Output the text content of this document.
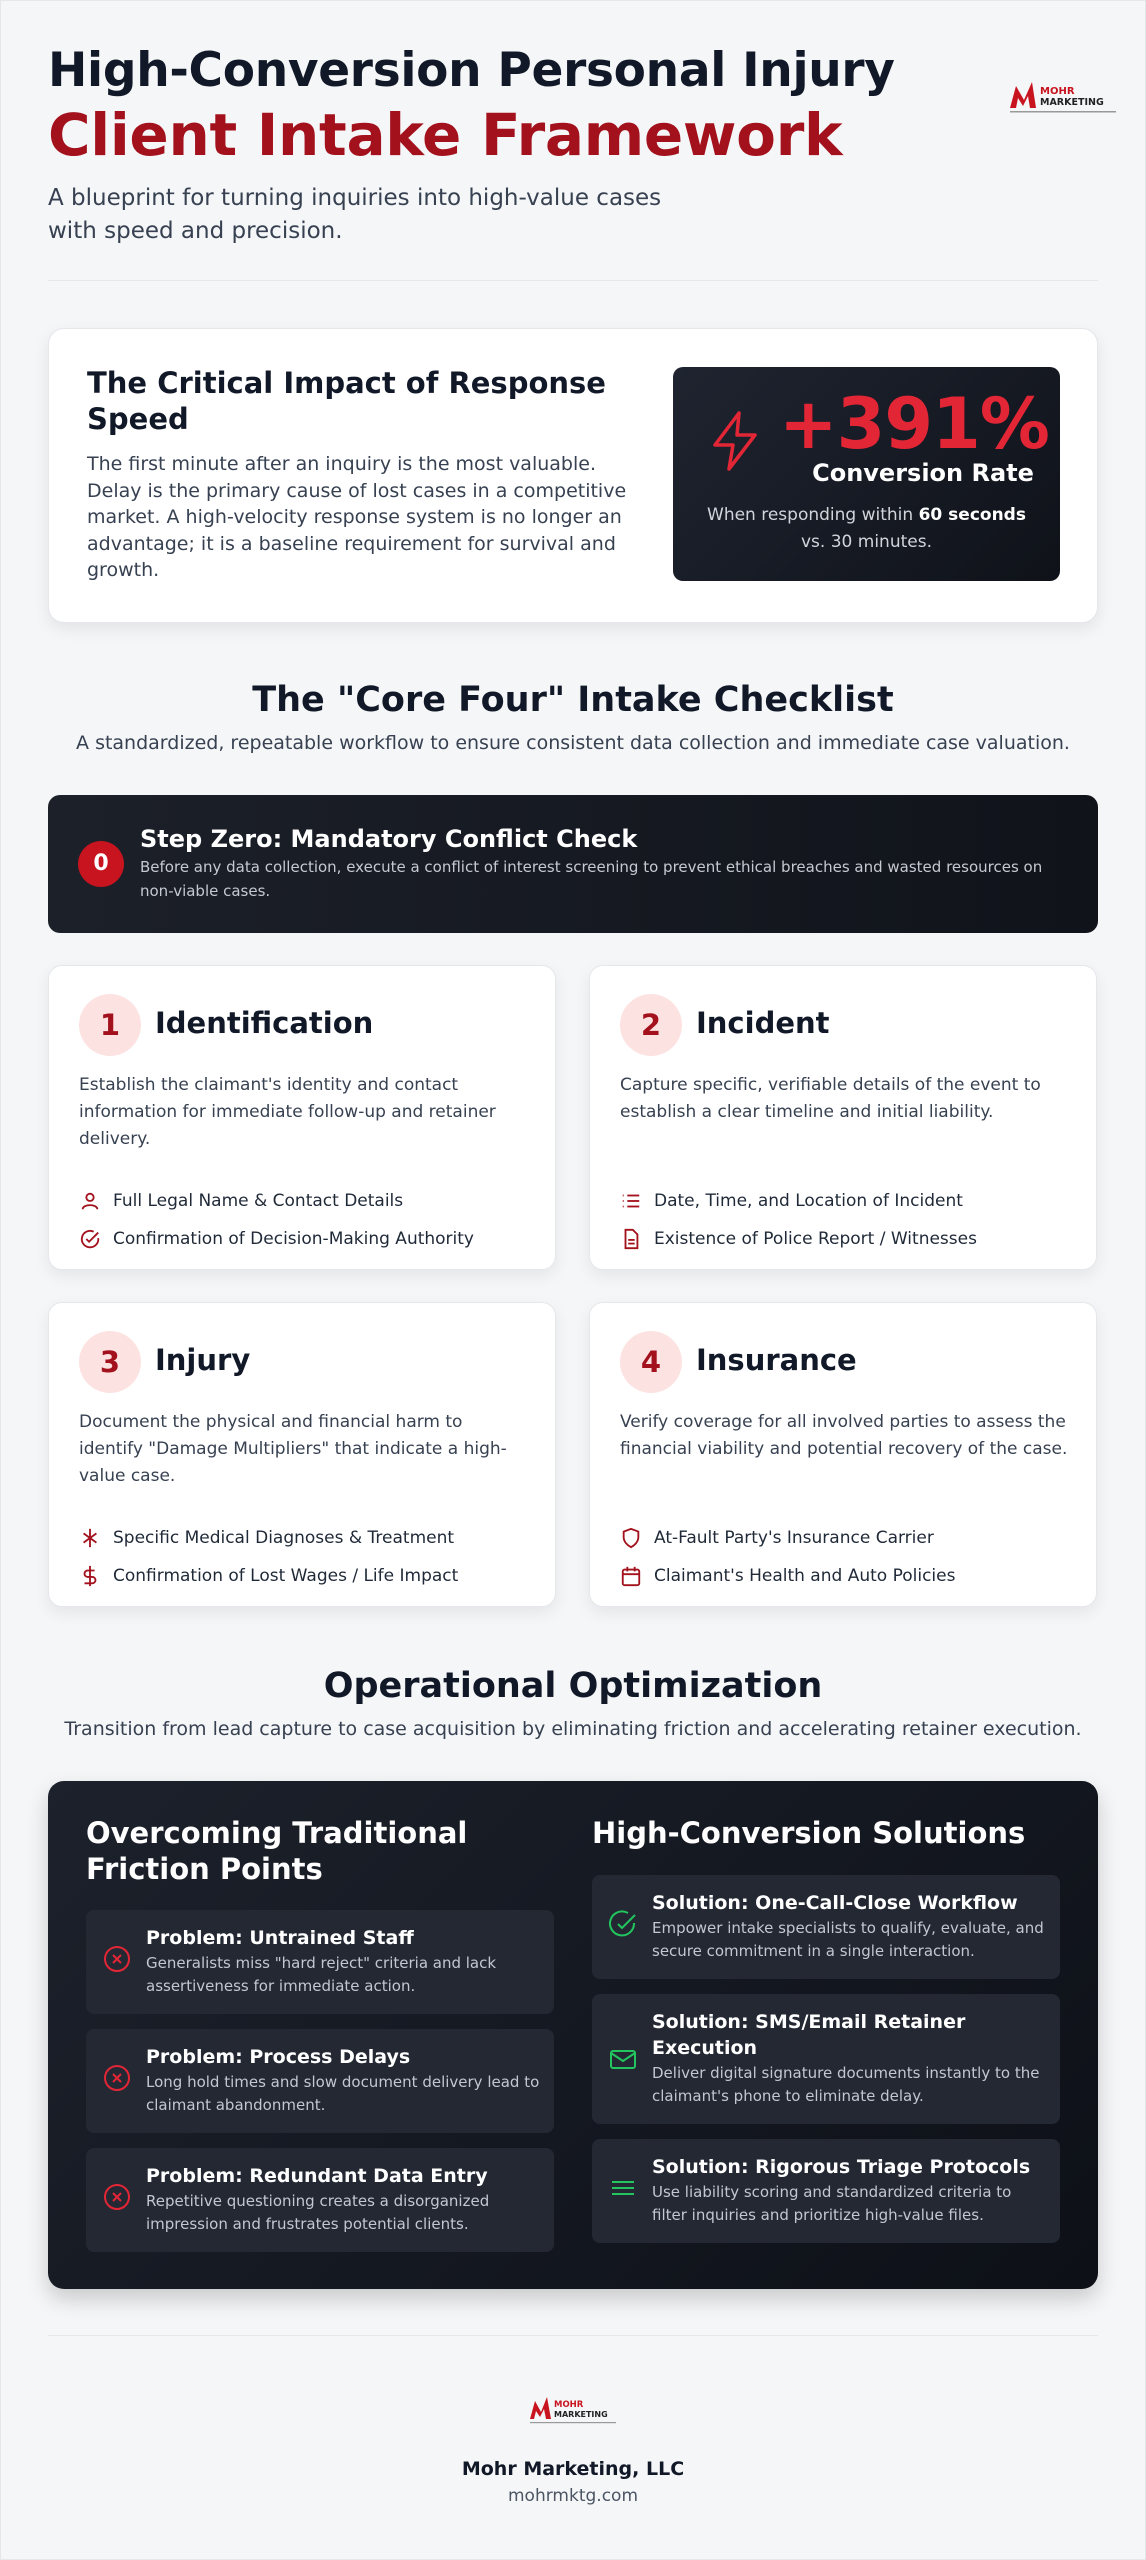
High-Conversion Personal Injury
Client Intake Framework
A blueprint for turning inquiries into high-value cases with speed and precision.
MOHR
MARKETING
The Critical Impact of Response Speed
The first minute after an inquiry is the most valuable. Delay is the primary cause of lost cases in a competitive market. A high-velocity response system is no longer an advantage; it is a baseline requirement for survival and growth.
+391%
Conversion Rate
When responding within 60 seconds
vs. 30 minutes.
The "Core Four" Intake Checklist
A standardized, repeatable workflow to ensure consistent data collection and immediate case valuation.
0
Step Zero: Mandatory Conflict Check
Before any data collection, execute a conflict of interest screening to prevent ethical breaches and wasted resources on non-viable cases.
1	Identification
Establish the claimant's identity and contact information for immediate follow-up and retainer delivery.
Full Legal Name & Contact Details
Confirmation of Decision-Making Authority
2	Incident
Capture specific, verifiable details of the event to establish a clear timeline and initial liability.
Date, Time, and Location of Incident
Existence of Police Report / Witnesses
3	Injury
Document the physical and financial harm to identify "Damage Multipliers" that indicate a high-value case.
Specific Medical Diagnoses & Treatment
Confirmation of Lost Wages / Life Impact
4	Insurance
Verify coverage for all involved parties to assess the financial viability and potential recovery of the case.
At-Fault Party's Insurance Carrier
Claimant's Health and Auto Policies
Operational Optimization
Transition from lead capture to case acquisition by eliminating friction and accelerating retainer execution.
Overcoming Traditional Friction Points
High-Conversion Solutions
Problem: Untrained Staff
Generalists miss "hard reject" criteria and lack assertiveness for immediate action.
Problem: Process Delays
Long hold times and slow document delivery lead to claimant abandonment.
Problem: Redundant Data Entry
Repetitive questioning creates a disorganized impression and frustrates potential clients.
Solution: One-Call-Close Workflow
Empower intake specialists to qualify, evaluate, and secure commitment in a single interaction.
Solution: SMS/Email Retainer Execution
Deliver digital signature documents instantly to the claimant's phone to eliminate delay.
Solution: Rigorous Triage Protocols
Use liability scoring and standardized criteria to filter inquiries and prioritize high-value files.
MOHR
MARKETING
Mohr Marketing, LLC
mohrmktg.com
